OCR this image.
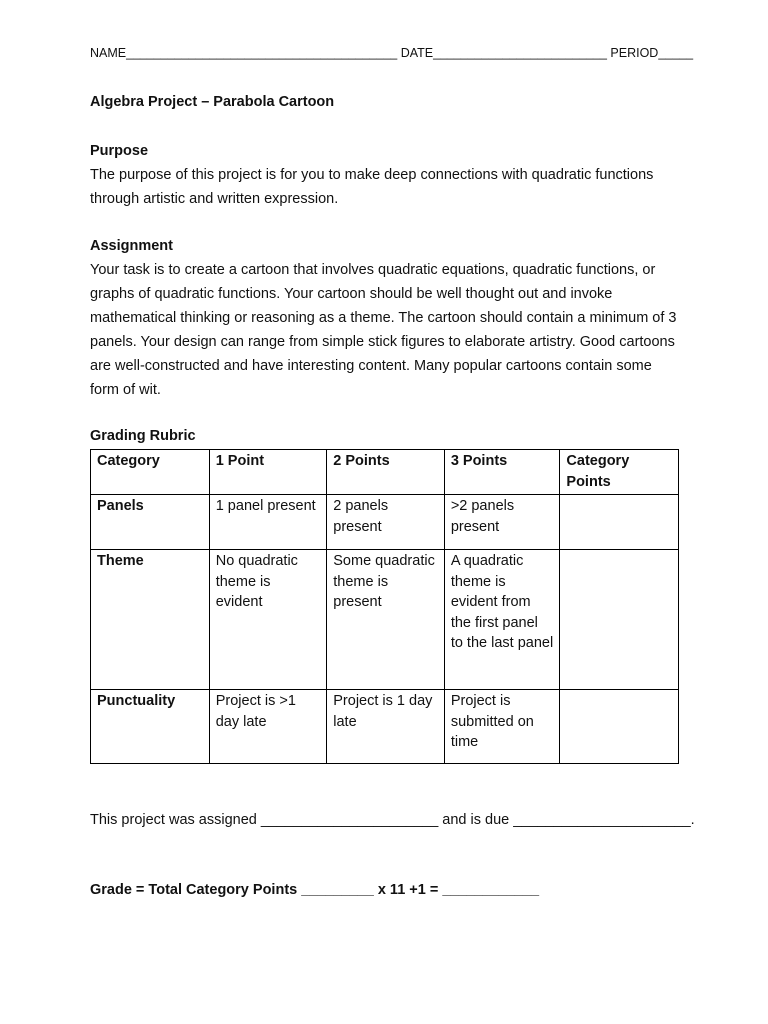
NAME_______________________________________ DATE_________________________ PERIOD_____
Algebra Project – Parabola Cartoon

Purpose

The purpose of this project is for you to make deep connections with quadratic functions through artistic and written expression.

Assignment

Your task is to create a cartoon that involves quadratic equations, quadratic functions, or graphs of quadratic functions. Your cartoon should be well thought out and invoke mathematical thinking or reasoning as a theme. The cartoon should contain a minimum of 3 panels. Your design can range from simple stick figures to elaborate artistry. Good cartoons are well-constructed and have interesting content. Many popular cartoons contain some form of wit.

Grading Rubric

Category	1 Point	2 Points	3 Points	Category Points
Panels	1 panel present	2 panels present	>2 panels present	
Theme	No quadratic theme is evident	Some quadratic theme is present	A quadratic theme is evident from the first panel to the last panel	
Punctuality	Project is >1 day late	Project is 1 day late	Project is submitted on time	
This project was assigned ______________________ and is due ______________________.
Grade = Total Category Points _________ x 11 +1 = ____________
